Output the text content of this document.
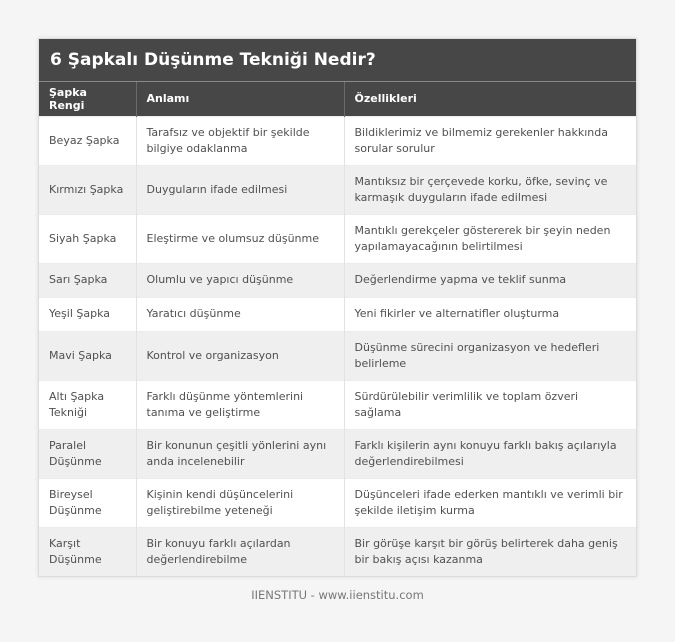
6 Şapkalı Düşünme Tekniği Nedir?
Şapka Rengi	Anlamı	Özellikleri
Beyaz Şapka	Tarafsız ve objektif bir şekilde bilgiye odaklanma	Bildiklerimiz ve bilmemiz gerekenler hakkında sorular sorulur
Kırmızı Şapka	Duyguların ifade edilmesi	Mantıksız bir çerçevede korku, öfke, sevinç ve karmaşık duyguların ifade edilmesi
Siyah Şapka	Eleştirme ve olumsuz düşünme	Mantıklı gerekçeler göstererek bir şeyin neden yapılamayacağının belirtilmesi
Sarı Şapka	Olumlu ve yapıcı düşünme	Değerlendirme yapma ve teklif sunma
Yeşil Şapka	Yaratıcı düşünme	Yeni fikirler ve alternatifler oluşturma
Mavi Şapka	Kontrol ve organizasyon	Düşünme sürecini organizasyon ve hedefleri belirleme
Altı Şapka Tekniği	Farklı düşünme yöntemlerini tanıma ve geliştirme	Sürdürülebilir verimlilik ve toplam özveri sağlama
Paralel Düşünme	Bir konunun çeşitli yönlerini aynı anda incelenebilir	Farklı kişilerin aynı konuyu farklı bakış açılarıyla değerlendirebilmesi
Bireysel Düşünme	Kişinin kendi düşüncelerini geliştirebilme yeteneği	Düşünceleri ifade ederken mantıklı ve verimli bir şekilde iletişim kurma
Karşıt Düşünme	Bir konuyu farklı açılardan değerlendirebilme	Bir görüşe karşıt bir görüş belirterek daha geniş bir bakış açısı kazanma
IIENSTITU - www.iienstitu.com
